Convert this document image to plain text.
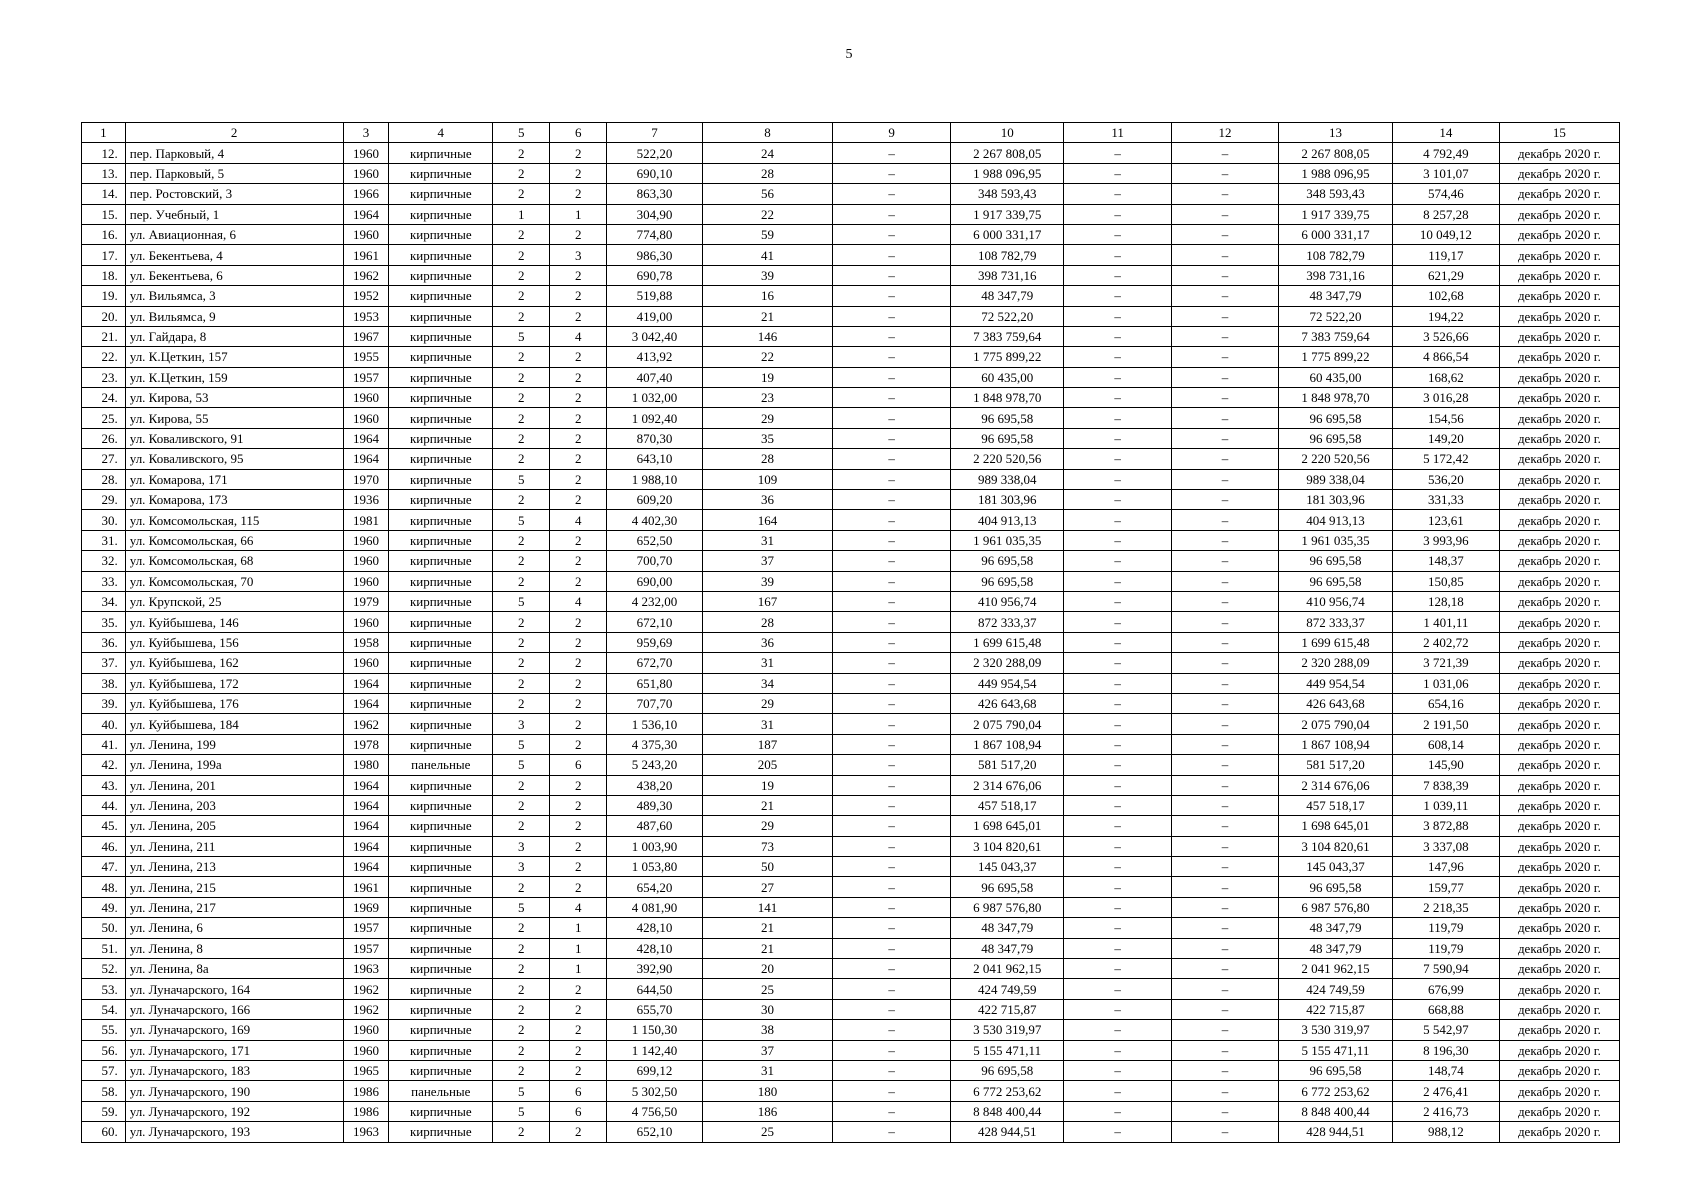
5
1	2	3	4	5	6	7	8	9	10	11	12	13	14	15
12.	пер. Парковый, 4	1960	кирпичные	2	2	522,20	24	–	2 267 808,05	–	–	2 267 808,05	4 792,49	декабрь 2020 г.
13.	пер. Парковый, 5	1960	кирпичные	2	2	690,10	28	–	1 988 096,95	–	–	1 988 096,95	3 101,07	декабрь 2020 г.
14.	пер. Ростовский, 3	1966	кирпичные	2	2	863,30	56	–	348 593,43	–	–	348 593,43	574,46	декабрь 2020 г.
15.	пер. Учебный, 1	1964	кирпичные	1	1	304,90	22	–	1 917 339,75	–	–	1 917 339,75	8 257,28	декабрь 2020 г.
16.	ул. Авиационная, 6	1960	кирпичные	2	2	774,80	59	–	6 000 331,17	–	–	6 000 331,17	10 049,12	декабрь 2020 г.
17.	ул. Бекентьева, 4	1961	кирпичные	2	3	986,30	41	–	108 782,79	–	–	108 782,79	119,17	декабрь 2020 г.
18.	ул. Бекентьева, 6	1962	кирпичные	2	2	690,78	39	–	398 731,16	–	–	398 731,16	621,29	декабрь 2020 г.
19.	ул. Вильямса, 3	1952	кирпичные	2	2	519,88	16	–	48 347,79	–	–	48 347,79	102,68	декабрь 2020 г.
20.	ул. Вильямса, 9	1953	кирпичные	2	2	419,00	21	–	72 522,20	–	–	72 522,20	194,22	декабрь 2020 г.
21.	ул. Гайдара, 8	1967	кирпичные	5	4	3 042,40	146	–	7 383 759,64	–	–	7 383 759,64	3 526,66	декабрь 2020 г.
22.	ул. К.Цеткин, 157	1955	кирпичные	2	2	413,92	22	–	1 775 899,22	–	–	1 775 899,22	4 866,54	декабрь 2020 г.
23.	ул. К.Цеткин, 159	1957	кирпичные	2	2	407,40	19	–	60 435,00	–	–	60 435,00	168,62	декабрь 2020 г.
24.	ул. Кирова, 53	1960	кирпичные	2	2	1 032,00	23	–	1 848 978,70	–	–	1 848 978,70	3 016,28	декабрь 2020 г.
25.	ул. Кирова, 55	1960	кирпичные	2	2	1 092,40	29	–	96 695,58	–	–	96 695,58	154,56	декабрь 2020 г.
26.	ул. Коваливского, 91	1964	кирпичные	2	2	870,30	35	–	96 695,58	–	–	96 695,58	149,20	декабрь 2020 г.
27.	ул. Коваливского, 95	1964	кирпичные	2	2	643,10	28	–	2 220 520,56	–	–	2 220 520,56	5 172,42	декабрь 2020 г.
28.	ул. Комарова, 171	1970	кирпичные	5	2	1 988,10	109	–	989 338,04	–	–	989 338,04	536,20	декабрь 2020 г.
29.	ул. Комарова, 173	1936	кирпичные	2	2	609,20	36	–	181 303,96	–	–	181 303,96	331,33	декабрь 2020 г.
30.	ул. Комсомольская, 115	1981	кирпичные	5	4	4 402,30	164	–	404 913,13	–	–	404 913,13	123,61	декабрь 2020 г.
31.	ул. Комсомольская, 66	1960	кирпичные	2	2	652,50	31	–	1 961 035,35	–	–	1 961 035,35	3 993,96	декабрь 2020 г.
32.	ул. Комсомольская, 68	1960	кирпичные	2	2	700,70	37	–	96 695,58	–	–	96 695,58	148,37	декабрь 2020 г.
33.	ул. Комсомольская, 70	1960	кирпичные	2	2	690,00	39	–	96 695,58	–	–	96 695,58	150,85	декабрь 2020 г.
34.	ул. Крупской, 25	1979	кирпичные	5	4	4 232,00	167	–	410 956,74	–	–	410 956,74	128,18	декабрь 2020 г.
35.	ул. Куйбышева, 146	1960	кирпичные	2	2	672,10	28	–	872 333,37	–	–	872 333,37	1 401,11	декабрь 2020 г.
36.	ул. Куйбышева, 156	1958	кирпичные	2	2	959,69	36	–	1 699 615,48	–	–	1 699 615,48	2 402,72	декабрь 2020 г.
37.	ул. Куйбышева, 162	1960	кирпичные	2	2	672,70	31	–	2 320 288,09	–	–	2 320 288,09	3 721,39	декабрь 2020 г.
38.	ул. Куйбышева, 172	1964	кирпичные	2	2	651,80	34	–	449 954,54	–	–	449 954,54	1 031,06	декабрь 2020 г.
39.	ул. Куйбышева, 176	1964	кирпичные	2	2	707,70	29	–	426 643,68	–	–	426 643,68	654,16	декабрь 2020 г.
40.	ул. Куйбышева, 184	1962	кирпичные	3	2	1 536,10	31	–	2 075 790,04	–	–	2 075 790,04	2 191,50	декабрь 2020 г.
41.	ул. Ленина, 199	1978	кирпичные	5	2	4 375,30	187	–	1 867 108,94	–	–	1 867 108,94	608,14	декабрь 2020 г.
42.	ул. Ленина, 199а	1980	панельные	5	6	5 243,20	205	–	581 517,20	–	–	581 517,20	145,90	декабрь 2020 г.
43.	ул. Ленина, 201	1964	кирпичные	2	2	438,20	19	–	2 314 676,06	–	–	2 314 676,06	7 838,39	декабрь 2020 г.
44.	ул. Ленина, 203	1964	кирпичные	2	2	489,30	21	–	457 518,17	–	–	457 518,17	1 039,11	декабрь 2020 г.
45.	ул. Ленина, 205	1964	кирпичные	2	2	487,60	29	–	1 698 645,01	–	–	1 698 645,01	3 872,88	декабрь 2020 г.
46.	ул. Ленина, 211	1964	кирпичные	3	2	1 003,90	73	–	3 104 820,61	–	–	3 104 820,61	3 337,08	декабрь 2020 г.
47.	ул. Ленина, 213	1964	кирпичные	3	2	1 053,80	50	–	145 043,37	–	–	145 043,37	147,96	декабрь 2020 г.
48.	ул. Ленина, 215	1961	кирпичные	2	2	654,20	27	–	96 695,58	–	–	96 695,58	159,77	декабрь 2020 г.
49.	ул. Ленина, 217	1969	кирпичные	5	4	4 081,90	141	–	6 987 576,80	–	–	6 987 576,80	2 218,35	декабрь 2020 г.
50.	ул. Ленина, 6	1957	кирпичные	2	1	428,10	21	–	48 347,79	–	–	48 347,79	119,79	декабрь 2020 г.
51.	ул. Ленина, 8	1957	кирпичные	2	1	428,10	21	–	48 347,79	–	–	48 347,79	119,79	декабрь 2020 г.
52.	ул. Ленина, 8а	1963	кирпичные	2	1	392,90	20	–	2 041 962,15	–	–	2 041 962,15	7 590,94	декабрь 2020 г.
53.	ул. Луначарского, 164	1962	кирпичные	2	2	644,50	25	–	424 749,59	–	–	424 749,59	676,99	декабрь 2020 г.
54.	ул. Луначарского, 166	1962	кирпичные	2	2	655,70	30	–	422 715,87	–	–	422 715,87	668,88	декабрь 2020 г.
55.	ул. Луначарского, 169	1960	кирпичные	2	2	1 150,30	38	–	3 530 319,97	–	–	3 530 319,97	5 542,97	декабрь 2020 г.
56.	ул. Луначарского, 171	1960	кирпичные	2	2	1 142,40	37	–	5 155 471,11	–	–	5 155 471,11	8 196,30	декабрь 2020 г.
57.	ул. Луначарского, 183	1965	кирпичные	2	2	699,12	31	–	96 695,58	–	–	96 695,58	148,74	декабрь 2020 г.
58.	ул. Луначарского, 190	1986	панельные	5	6	5 302,50	180	–	6 772 253,62	–	–	6 772 253,62	2 476,41	декабрь 2020 г.
59.	ул. Луначарского, 192	1986	кирпичные	5	6	4 756,50	186	–	8 848 400,44	–	–	8 848 400,44	2 416,73	декабрь 2020 г.
60.	ул. Луначарского, 193	1963	кирпичные	2	2	652,10	25	–	428 944,51	–	–	428 944,51	988,12	декабрь 2020 г.
